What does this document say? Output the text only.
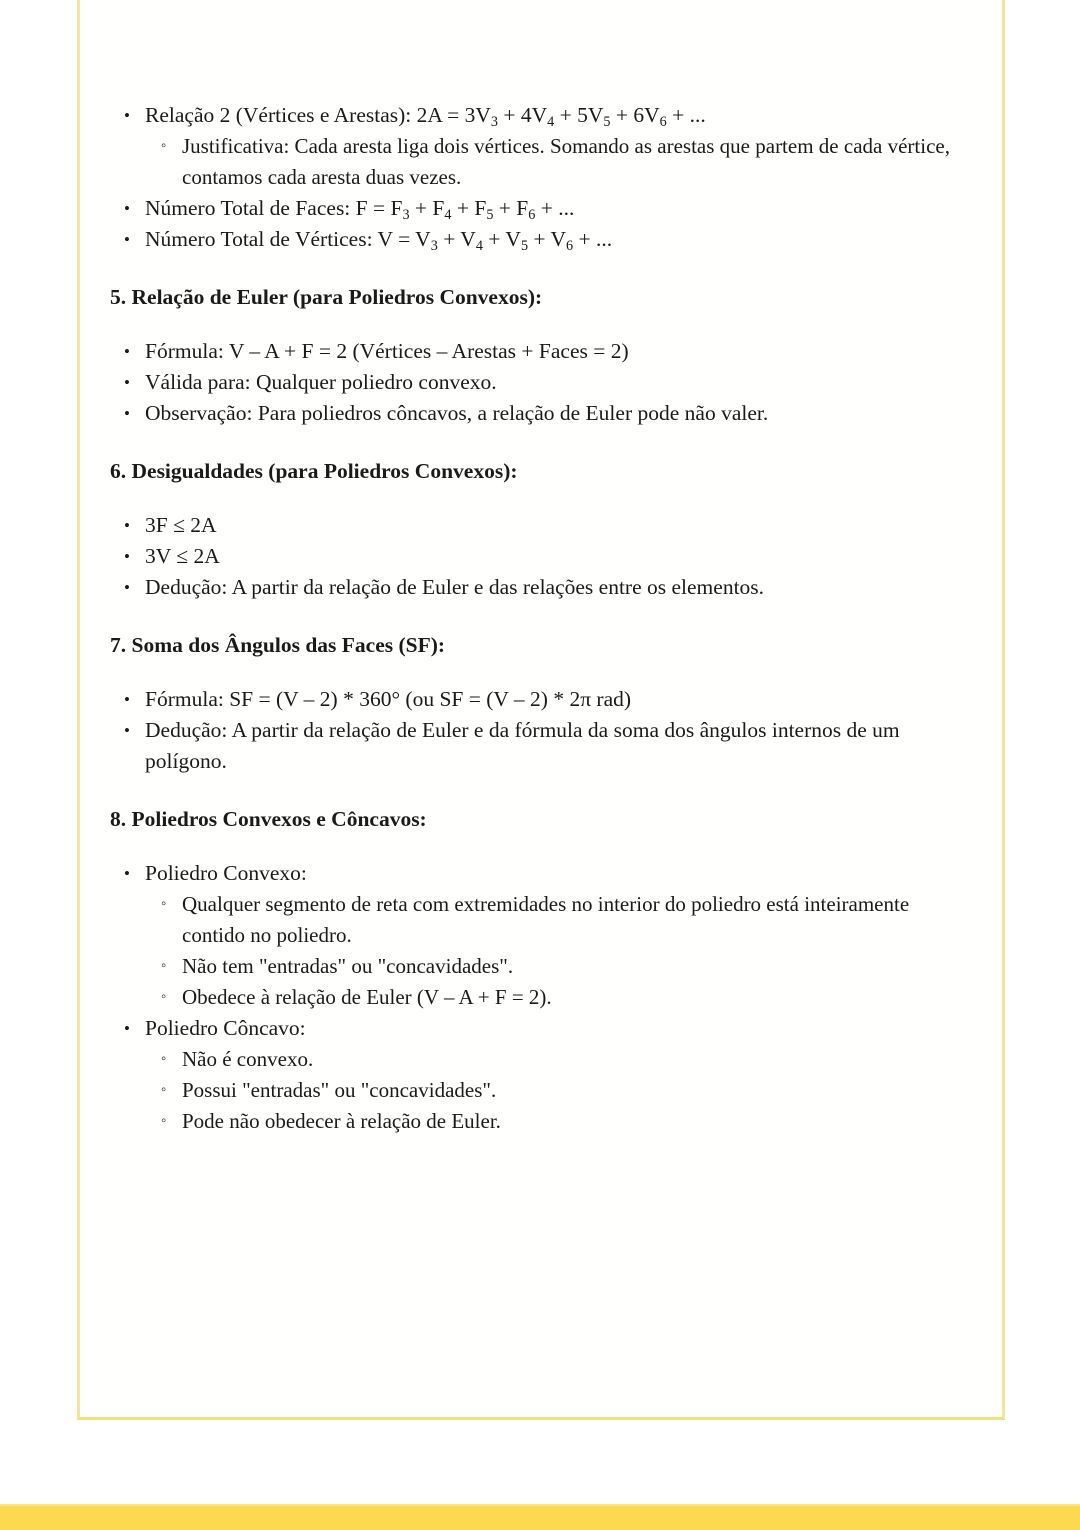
• Relação 2 (Vértices e Arestas): $2A = 3V_3 + 4V_4 + 5V_5 + 6V_6$ + ...
◦ Justificativa: Cada aresta liga dois vértices. Somando as arestas que partem de cada vértice, contamos cada aresta duas vezes.
• Número Total de Faces: $F = F_3 + F_4 + F_5 + F_6$ + ...
• Número Total de Vértices: $V = V_3 + V_4 + V_5 + V_6$ + ...
5. Relação de Euler (para Poliedros Convexos):
• Fórmula: V – A + F = 2 (Vértices – Arestas + Faces = 2)
• Válida para: Qualquer poliedro convexo.
• Observação: Para poliedros côncavos, a relação de Euler pode não valer.
6. Desigualdades (para Poliedros Convexos):
• 3F ≤ 2A
• 3V ≤ 2A
• Dedução: A partir da relação de Euler e das relações entre os elementos.
7. Soma dos Ângulos das Faces (SF):
• Fórmula: SF = (V – 2) * 360° (ou SF = (V – 2) * 2π rad)
• Dedução: A partir da relação de Euler e da fórmula da soma dos ângulos internos de um polígono.
8. Poliedros Convexos e Côncavos:
• Poliedro Convexo:
◦ Qualquer segmento de reta com extremidades no interior do poliedro está inteiramente contido no poliedro.
◦ Não tem "entradas" ou "concavidades".
◦ Obedece à relação de Euler (V – A + F = 2).
• Poliedro Côncavo:
◦ Não é convexo.
◦ Possui "entradas" ou "concavidades".
◦ Pode não obedecer à relação de Euler.
